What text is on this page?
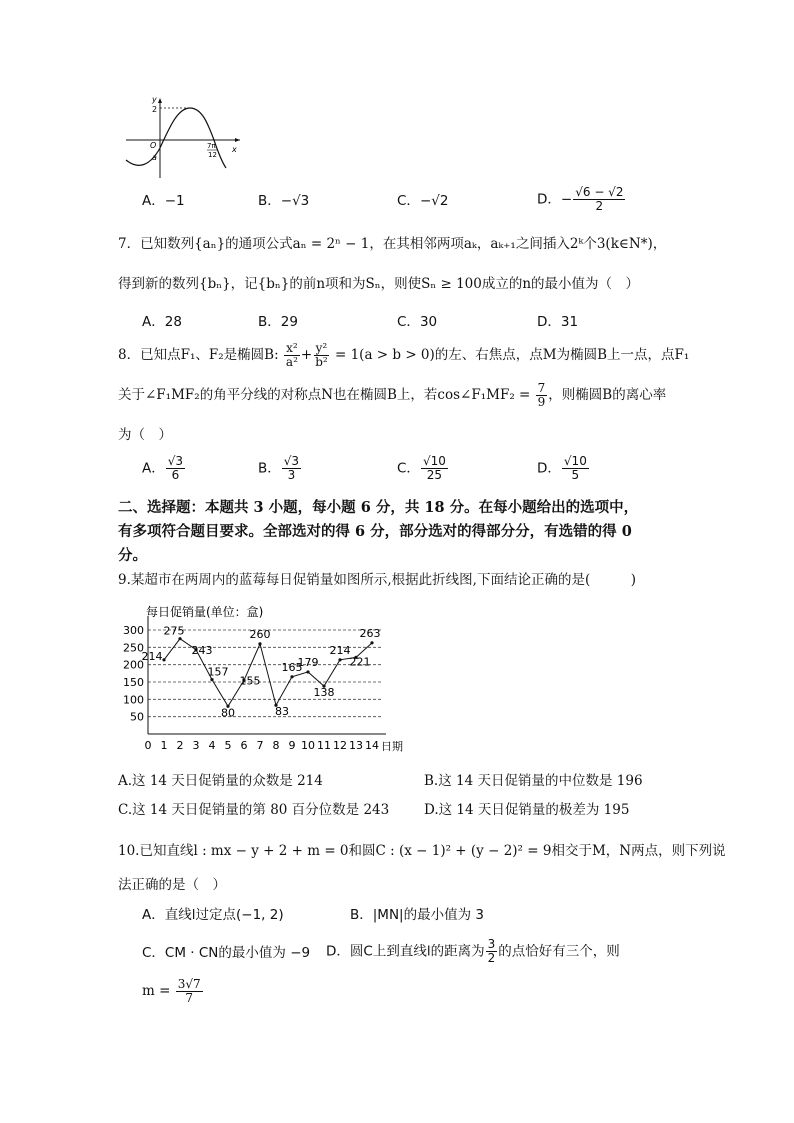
y
x
2
O
a
7π
12
A．−1	B．−√3	C．−√2	D．− $\frac{√6 - √2}{2}$
7．已知数列{aₙ}的通项公式aₙ = 2ⁿ − 1，在其相邻两项aₖ，aₖ₊₁之间插入2ᵏ个3(k∈N*)，
得到新的数列{bₙ}，记{bₙ}的前n项和为Sₙ，则使Sₙ ≥ 100成立的n的最小值为（　）
A．28	B．29	C．30	D．31
8．已知点F₁、F₂是椭圆B: $\frac{\text{x²}}{\text{a²}} + \frac{\text{y²}}{\text{b²}} = 1(a > b > 0)$的左、右焦点，点M为椭圆B上一点，点F₁
关于∠F₁MF₂的角平分线的对称点N也在椭圆B上，若cos∠F₁MF₂ = $\frac{7}{9}$ ，则椭圆B的离心率
为（　）
A． $\frac{√3}{6}$	B． $\frac{√3}{3}$	C． $\frac{√10}{25}$	D． $\frac{√10}{5}$
二、选择题：本题共 3 小题，每小题 6 分，共 18 分。在每小题给出的选项中，
有多项符合题目要求。全部选对的得 6 分，部分选对的得部分分，有选错的得 0
分。
9.某超市在两周内的蓝莓每日促销量如图所示,根据此折线图,下面结论正确的是(　　　)
每日促销量(单位：盒)
50
100
150
200
250
300
0 1 2 3 4 5 6 7 8 9 10 11 12 13 14
214
275
243
157
80
155
260
83
165
179
138
214
221
263
日期
A.这 14 天日促销量的众数是 214	B.这 14 天日促销量的中位数是 196
C.这 14 天日促销量的第 80 百分位数是 243	D.这 14 天日促销量的极差为 195
10.已知直线l : mx − y + 2 + m = 0和圆C : (x − 1)² + (y − 2)² = 9相交于M，N两点，则下列说
法正确的是（　）
A．直线l过定点(−1, 2)	B．|MN|的最小值为 3
C．CM · CN的最小值为 −9 D．圆C上到直线l的距离为 $\frac{3}{2}$ 的点恰好有三个，则
$m = \frac{3√7}{7}$
